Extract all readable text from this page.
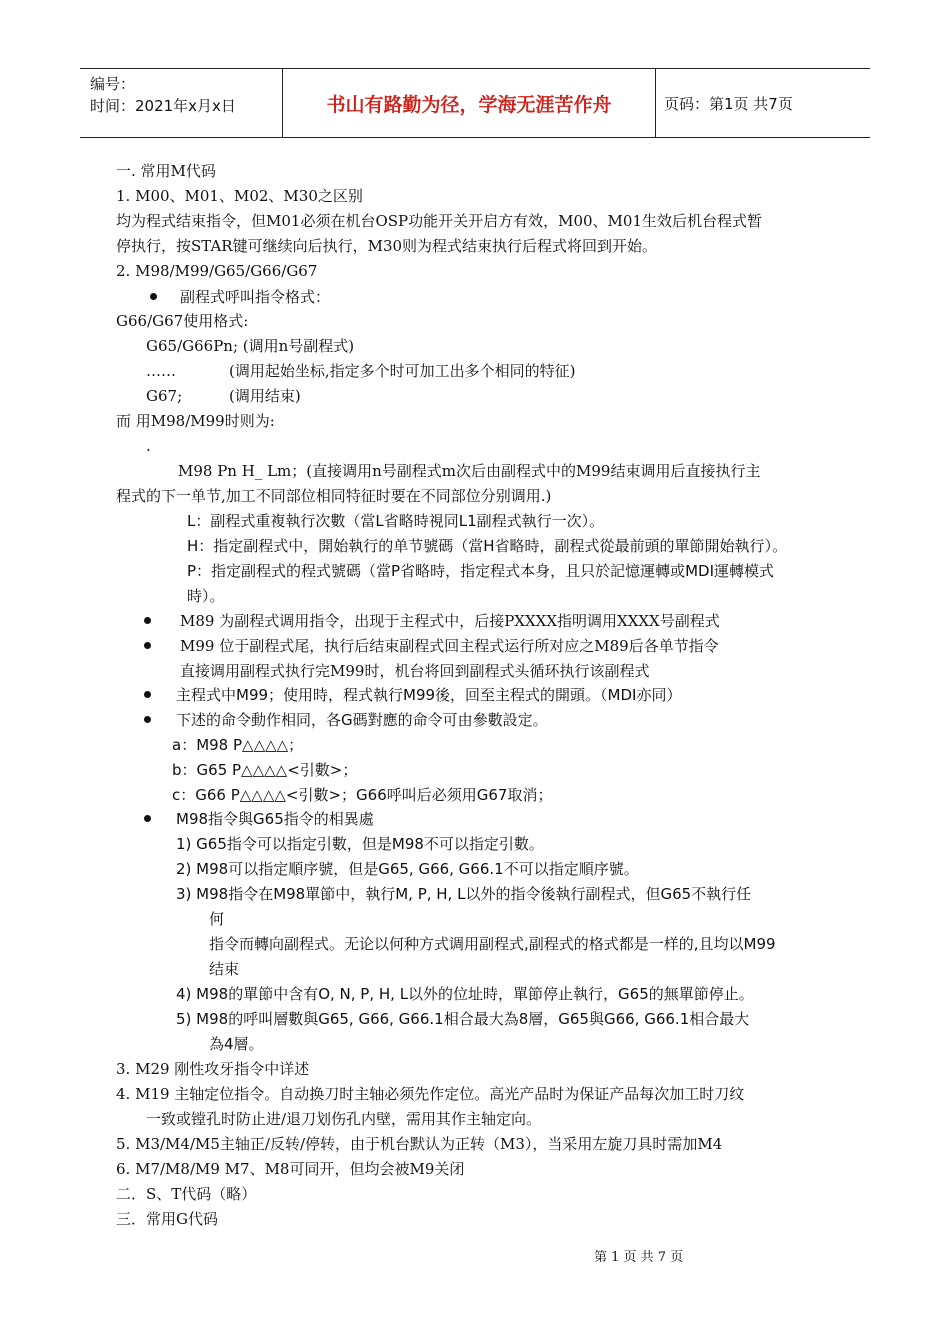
编号：
时间：2021年x月x日	书山有路勤为径，学海无涯苦作舟	页码：第1页 共7页
一. 常用M代码
1. M00、M01、M02、M30之区别
均为程式结束指令，但M01必须在机台OSP功能开关开启方有效，M00、M01生效后机台程式暂
停执行，按STAR键可继续向后执行，M30则为程式结束执行后程式将回到开始。
2. M98/M99/G65/G66/G67
副程式呼叫指令格式：
G66/G67使用格式:
G65/G66Pn; (调用n号副程式)
……	(调用起始坐标,指定多个时可加工出多个相同的特征)
G67;	(调用结束)
而 用M98/M99时则为:
.
M98 Pn H_ Lm；(直接调用n号副程式m次后由副程式中的M99结束调用后直接执行主
程式的下一单节,加工不同部位相同特征时要在不同部位分别调用.)
L：副程式重複執行次數（當L省略時視同L1副程式執行一次）。
H：指定副程式中，開始執行的单节號碼（當H省略時，副程式從最前頭的單節開始執行）。
P：指定副程式的程式號碼（當P省略時，指定程式本身，且只於記憶運轉或MDI運轉模式
時）。
M89 为副程式调用指令，出现于主程式中，后接PXXXX指明调用XXXX号副程式
M99 位于副程式尾，执行后结束副程式回主程式运行所对应之M89后各单节指令
直接调用副程式执行完M99时，机台将回到副程式头循环执行该副程式
主程式中M99；使用時，程式執行M99後，回至主程式的開頭。（MDI亦同）
下述的命令動作相同，各G碼對應的命令可由參數設定。
a：M98 P△△△△；
b：G65 P△△△△<引數>；
c：G66 P△△△△<引數>；G66呼叫后必须用G67取消；
M98指令與G65指令的相異處
1) G65指令可以指定引數，但是M98不可以指定引數。
2) M98可以指定順序號，但是G65, G66, G66.1不可以指定順序號。
3) M98指令在M98單節中，執行M, P, H, L以外的指令後執行副程式，但G65不執行任
何
指令而轉向副程式。无论以何种方式调用副程式,副程式的格式都是一样的,且均以M99
结束
4) M98的單節中含有O, N, P, H, L以外的位址時，單節停止執行，G65的無單節停止。
5) M98的呼叫層數與G65, G66, G66.1相合最大為8層，G65與G66, G66.1相合最大
為4層。
3. M29 刚性攻牙指令中详述
4. M19 主轴定位指令。自动换刀时主轴必须先作定位。高光产品时为保证产品每次加工时刀纹
一致或镗孔时防止进/退刀划伤孔内壁，需用其作主轴定向。
5. M3/M4/M5主轴正/反转/停转，由于机台默认为正转（M3），当采用左旋刀具时需加M4
6. M7/M8/M9 M7、M8可同开，但均会被M9关闭
二．S、T代码（略）
三．常用G代码
第 1 页 共 7 页
